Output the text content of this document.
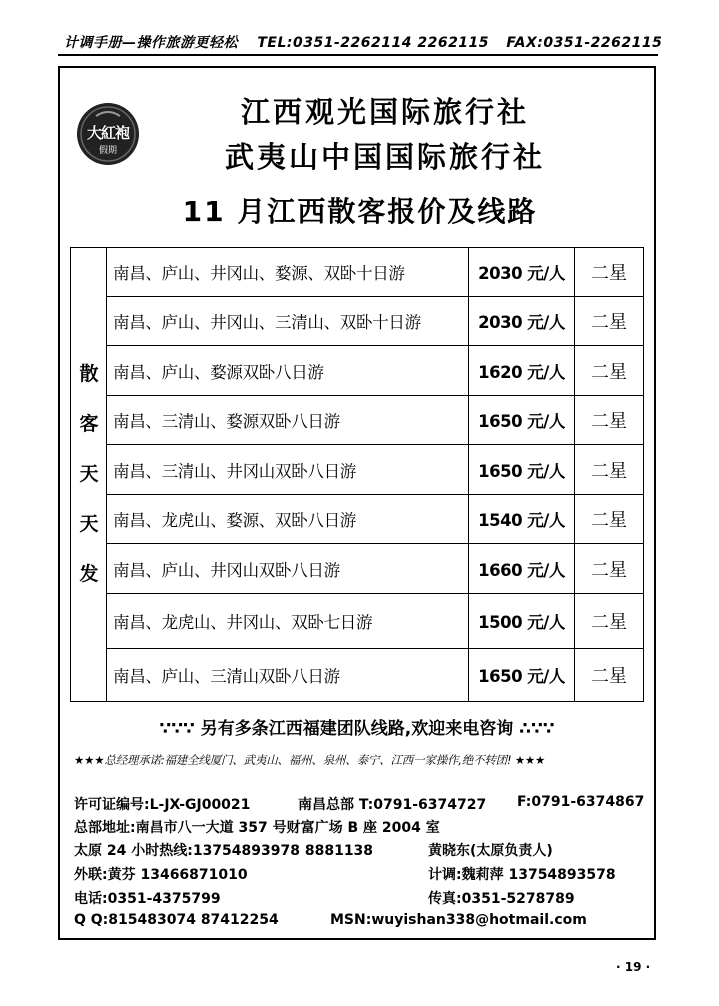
计调手册—操作旅游更轻松 TEL:0351-2262114 2262115 FAX:0351-2262115
大紅袍
假期
江西观光国际旅行社
武夷山中国国际旅行社
11 月江西散客报价及线路
散
客
天
天
发
南昌、庐山、井冈山、婺源、双卧十日游	2030 元/人	二星
南昌、庐山、井冈山、三清山、双卧十日游	2030 元/人	二星
南昌、庐山、婺源双卧八日游	1620 元/人	二星
南昌、三清山、婺源双卧八日游	1650 元/人	二星
南昌、三清山、井冈山双卧八日游	1650 元/人	二星
南昌、龙虎山、婺源、双卧八日游	1540 元/人	二星
南昌、庐山、井冈山双卧八日游	1660 元/人	二星
南昌、龙虎山、井冈山、双卧七日游	1500 元/人	二星
南昌、庐山、三清山双卧八日游	1650 元/人	二星
∵∵∵ 另有多条江西福建团队线路,欢迎来电咨询 ∴∵∵
★★★总经理承诺:福建全线厦门、武夷山、福州、泉州、泰宁、江西一家操作,绝不转团! ★★★
许可证编号:L-JX-GJ00021	南昌总部 T:0791-6374727 F:0791-6374867
总部地址:南昌市八一大道 357 号财富广场 B 座 2004 室
太原 24 小时热线:13754893978 8881138	黄晓东(太原负责人)
外联:黄芬 13466871010	计调:魏莉萍 13754893578
电话:0351-4375799	传真:0351-5278789
Q Q:815483074 87412254	MSN:wuyishan338@hotmail.com
· 19 ·
